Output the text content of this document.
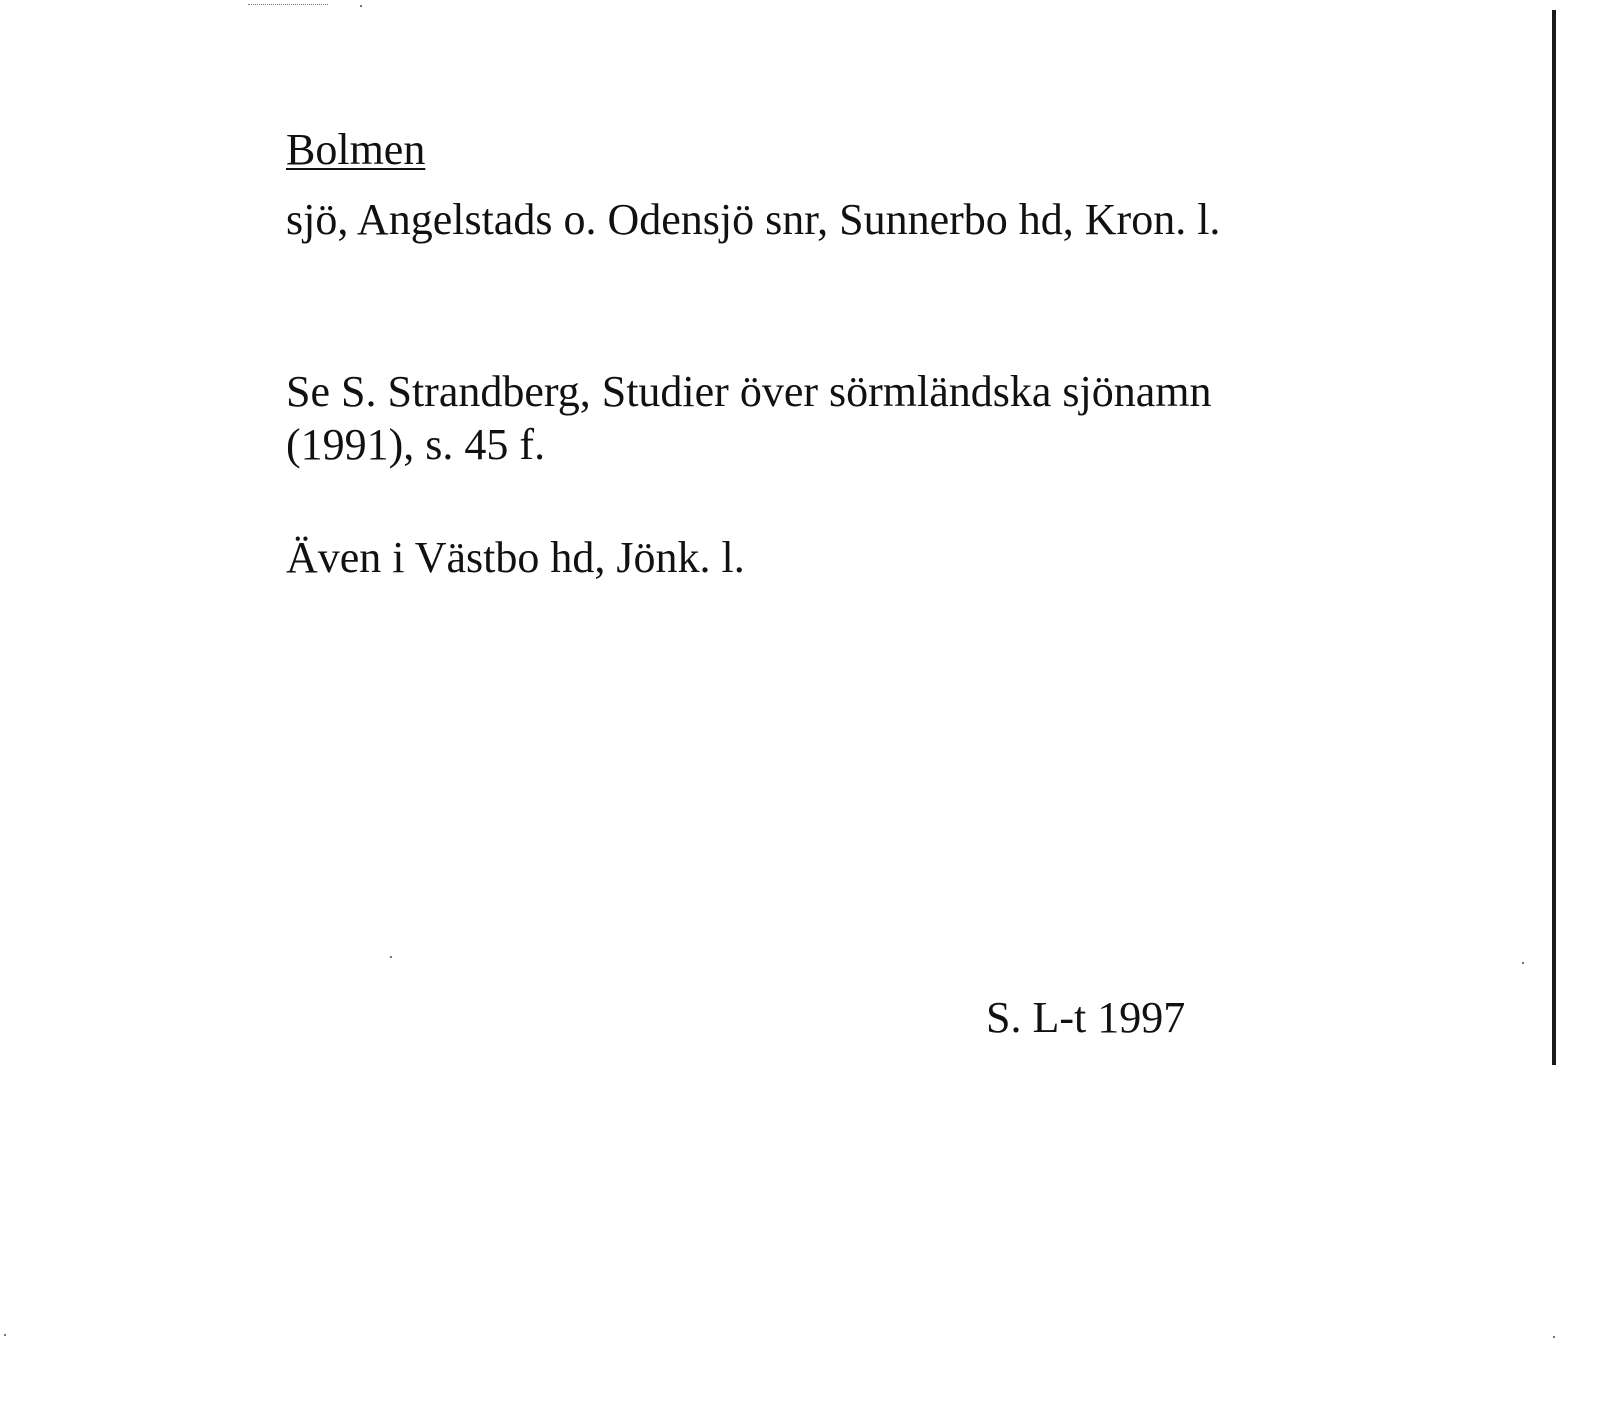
Bolmen
sjö, Angelstads o. Odensjö snr, Sunnerbo hd, Kron. l.
Se S. Strandberg, Studier över sörmländska sjönamn
(1991), s. 45 f.
Även i Västbo hd, Jönk. l.
S. L-t 1997
